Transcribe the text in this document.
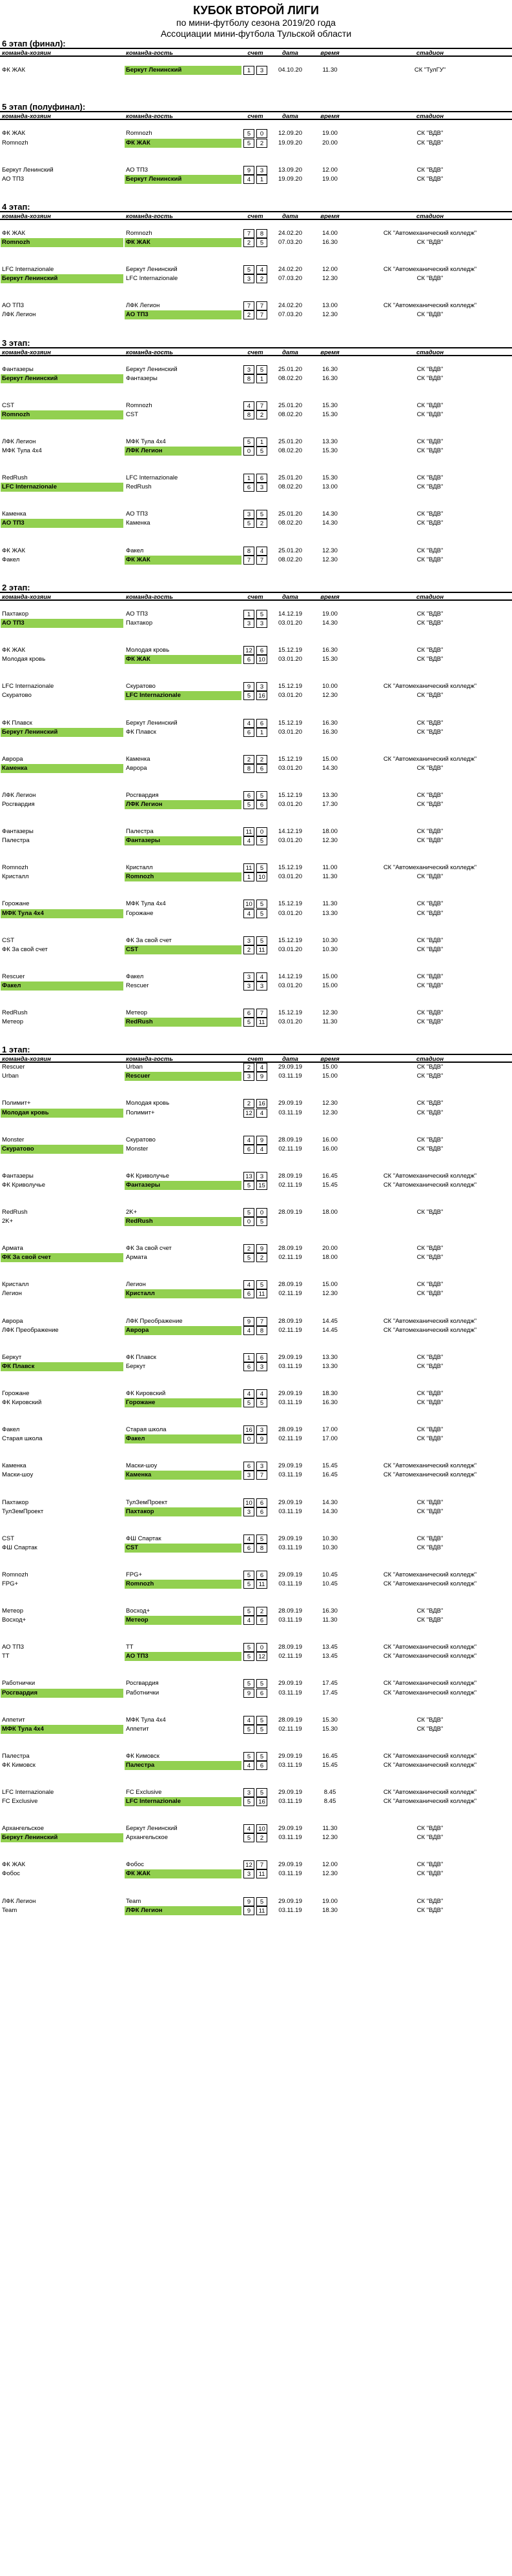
КУБОК ВТОРОЙ ЛИГИ
по мини-футболу сезона 2019/20 года
Ассоциации мини-футбола Тульской области
6 этап (финал):
команда-хозяин	команда-гость	счет	дата	время	стадион
ФК ЖАК	Беркут Ленинский	1	3	04.10.20	11.30	СК "ТулГУ"
5 этап (полуфинал):
команда-хозяин	команда-гость	счет	дата	время	стадион
ФК ЖАК	Romnozh	5	0	12.09.20	19.00	СК "ВДВ"
Romnozh	ФК ЖАК	5	2	19.09.20	20.00	СК "ВДВ"
Беркут Ленинский	АО ТП3	9	3	13.09.20	12.00	СК "ВДВ"
АО ТП3	Беркут Ленинский	4	1	19.09.20	19.00	СК "ВДВ"
4 этап:
команда-хозяин	команда-гость	счет	дата	время	стадион
ФК ЖАК	Romnozh	7	8	24.02.20	14.00	СК "Автомеханический колледж"
Romnozh	ФК ЖАК	2	5	07.03.20	16.30	СК "ВДВ"
LFC Internazionale	Беркут Ленинский	5	4	24.02.20	12.00	СК "Автомеханический колледж"
Беркут Ленинский	LFC Internazionale	3	2	07.03.20	12.30	СК "ВДВ"
АО ТП3	ЛФК Легион	7	7	24.02.20	13.00	СК "Автомеханический колледж"
ЛФК Легион	АО ТП3	2	7	07.03.20	12.30	СК "ВДВ"
3 этап:
команда-хозяин	команда-гость	счет	дата	время	стадион
Фантазеры	Беркут Ленинский	3	5	25.01.20	16.30	СК "ВДВ"
Беркут Ленинский	Фантазеры	8	1	08.02.20	16.30	СК "ВДВ"
CST	Romnozh	4	7	25.01.20	15.30	СК "ВДВ"
Romnozh	CST	8	2	08.02.20	15.30	СК "ВДВ"
ЛФК Легион	МФК Тула 4х4	5	1	25.01.20	13.30	СК "ВДВ"
МФК Тула 4х4	ЛФК Легион	0	5	08.02.20	15.30	СК "ВДВ"
RedRush	LFC Internazionale	1	6	25.01.20	15.30	СК "ВДВ"
LFC Internazionale	RedRush	6	3	08.02.20	13.00	СК "ВДВ"
Каменка	АО ТП3	3	5	25.01.20	14.30	СК "ВДВ"
АО ТП3	Каменка	5	2	08.02.20	14.30	СК "ВДВ"
ФК ЖАК	Факел	8	4	25.01.20	12.30	СК "ВДВ"
Факел	ФК ЖАК	7	7	08.02.20	12.30	СК "ВДВ"
2 этап:
команда-хозяин	команда-гость	счет	дата	время	стадион
Пахтакор	АО ТП3	1	5	14.12.19	19.00	СК "ВДВ"
АО ТП3	Пахтакор	3	3	03.01.20	14.30	СК "ВДВ"
ФК ЖАК	Молодая кровь	12	6	15.12.19	16.30	СК "ВДВ"
Молодая кровь	ФК ЖАК	6	10	03.01.20	15.30	СК "ВДВ"
LFC Internazionale	Скуратово	9	3	15.12.19	10.00	СК "Автомеханический колледж"
Скуратово	LFC Internazionale	5	16	03.01.20	12.30	СК "ВДВ"
ФК Плавск	Беркут Ленинский	4	6	15.12.19	16.30	СК "ВДВ"
Беркут Ленинский	ФК Плавск	6	1	03.01.20	16.30	СК "ВДВ"
Аврора	Каменка	2	2	15.12.19	15.00	СК "Автомеханический колледж"
Каменка	Аврора	8	6	03.01.20	14.30	СК "ВДВ"
ЛФК Легион	Росгвардия	6	5	15.12.19	13.30	СК "ВДВ"
Росгвардия	ЛФК Легион	5	6	03.01.20	17.30	СК "ВДВ"
Фантазеры	Палестра	11	0	14.12.19	18.00	СК "ВДВ"
Палестра	Фантазеры	4	5	03.01.20	12.30	СК "ВДВ"
Romnozh	Кристалл	11	5	15.12.19	11.00	СК "Автомеханический колледж"
Кристалл	Romnozh	1	10	03.01.20	11.30	СК "ВДВ"
Горожане	МФК Тула 4х4	10	5	15.12.19	11.30	СК "ВДВ"
МФК Тула 4х4	Горожане	4	5	03.01.20	13.30	СК "ВДВ"
CST	ФК За свой счет	3	5	15.12.19	10.30	СК "ВДВ"
ФК За свой счет	CST	2	11	03.01.20	10.30	СК "ВДВ"
Rescuer	Факел	3	4	14.12.19	15.00	СК "ВДВ"
Факел	Rescuer	3	3	03.01.20	15.00	СК "ВДВ"
RedRush	Метеор	6	7	15.12.19	12.30	СК "ВДВ"
Метеор	RedRush	5	11	03.01.20	11.30	СК "ВДВ"
1 этап:
команда-хозяин	команда-гость	счет	дата	время	стадион
Rescuer	Urban	2	4	29.09.19	15.00	СК "ВДВ"
Urban	Rescuer	3	9	03.11.19	15.00	СК "ВДВ"
Полимит+	Молодая кровь	2	16	29.09.19	12.30	СК "ВДВ"
Молодая кровь	Полимит+	12	4	03.11.19	12.30	СК "ВДВ"
Monster	Скуратово	4	9	28.09.19	16.00	СК "ВДВ"
Скуратово	Monster	6	4	02.11.19	16.00	СК "ВДВ"
Фантазеры	ФК Криволучье	13	3	28.09.19	16.45	СК "Автомеханический колледж"
ФК Криволучье	Фантазеры	5	15	02.11.19	15.45	СК "Автомеханический колледж"
RedRush	2K+	5	0	28.09.19	18.00	СК "ВДВ"
2K+	RedRush	0	5
Армата	ФК За свой счет	2	9	28.09.19	20.00	СК "ВДВ"
ФК За свой счет	Армата	5	2	02.11.19	18.00	СК "ВДВ"
Кристалл	Легион	4	5	28.09.19	15.00	СК "ВДВ"
Легион	Кристалл	6	11	02.11.19	12.30	СК "ВДВ"
Аврора	ЛФК Преображение	9	7	28.09.19	14.45	СК "Автомеханический колледж"
ЛФК Преображение	Аврора	4	8	02.11.19	14.45	СК "Автомеханический колледж"
Беркут	ФК Плавск	1	6	29.09.19	13.30	СК "ВДВ"
ФК Плавск	Беркут	6	3	03.11.19	13.30	СК "ВДВ"
Горожане	ФК Кировский	4	4	29.09.19	18.30	СК "ВДВ"
ФК Кировский	Горожане	5	5	03.11.19	16.30	СК "ВДВ"
Факел	Старая школа	16	3	28.09.19	17.00	СК "ВДВ"
Старая школа	Факел	0	9	02.11.19	17.00	СК "ВДВ"
Каменка	Маски-шоу	6	3	29.09.19	15.45	СК "Автомеханический колледж"
Маски-шоу	Каменка	3	7	03.11.19	16.45	СК "Автомеханический колледж"
Пахтакор	ТулЗемПроект	10	6	29.09.19	14.30	СК "ВДВ"
ТулЗемПроект	Пахтакор	3	6	03.11.19	14.30	СК "ВДВ"
CST	ФШ Спартак	4	5	29.09.19	10.30	СК "ВДВ"
ФШ Спартак	CST	6	8	03.11.19	10.30	СК "ВДВ"
Romnozh	FPG+	5	6	29.09.19	10.45	СК "Автомеханический колледж"
FPG+	Romnozh	5	11	03.11.19	10.45	СК "Автомеханический колледж"
Метеор	Восход+	5	2	28.09.19	16.30	СК "ВДВ"
Восход+	Метеор	4	6	03.11.19	11.30	СК "ВДВ"
АО ТП3	ТТ	5	0	28.09.19	13.45	СК "Автомеханический колледж"
ТТ	АО ТП3	5	12	02.11.19	13.45	СК "Автомеханический колледж"
Работнички	Росгвардия	5	5	29.09.19	17.45	СК "Автомеханический колледж"
Росгвардия	Работнички	9	6	03.11.19	17.45	СК "Автомеханический колледж"
Аппетит	МФК Тула 4х4	4	5	28.09.19	15.30	СК "ВДВ"
МФК Тула 4х4	Аппетит	5	5	02.11.19	15.30	СК "ВДВ"
Палестра	ФК Кимовск	5	5	29.09.19	16.45	СК "Автомеханический колледж"
ФК Кимовск	Палестра	4	6	03.11.19	15.45	СК "Автомеханический колледж"
LFC Internazionale	FC Exclusive	3	5	29.09.19	8.45	СК "Автомеханический колледж"
FC Exclusive	LFC Internazionale	5	16	03.11.19	8.45	СК "Автомеханический колледж"
Архангельское	Беркут Ленинский	4	10	29.09.19	11.30	СК "ВДВ"
Беркут Ленинский	Архангельское	5	2	03.11.19	12.30	СК "ВДВ"
ФК ЖАК	Фобос	12	7	29.09.19	12.00	СК "ВДВ"
Фобос	ФК ЖАК	3	11	03.11.19	12.30	СК "ВДВ"
ЛФК Легион	Team	9	5	29.09.19	19.00	СК "ВДВ"
Team	ЛФК Легион	9	11	03.11.19	18.30	СК "ВДВ"
